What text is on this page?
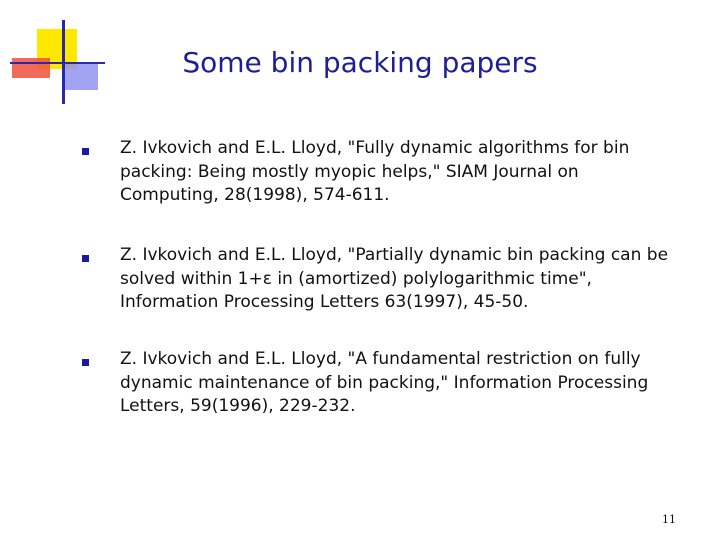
Some bin packing papers
Z. Ivkovich and E.L. Lloyd, "Fully dynamic algorithms for bin packing: Being mostly myopic helps," SIAM Journal on Computing, 28(1998), 574-611.
Z. Ivkovich and E.L. Lloyd, "Partially dynamic bin packing can be solved within 1+ε in (amortized) polylogarithmic time", Information Processing Letters 63(1997), 45-50.
Z. Ivkovich and E.L. Lloyd, "A fundamental restriction on fully dynamic maintenance of bin packing," Information Processing Letters, 59(1996), 229-232.
11
